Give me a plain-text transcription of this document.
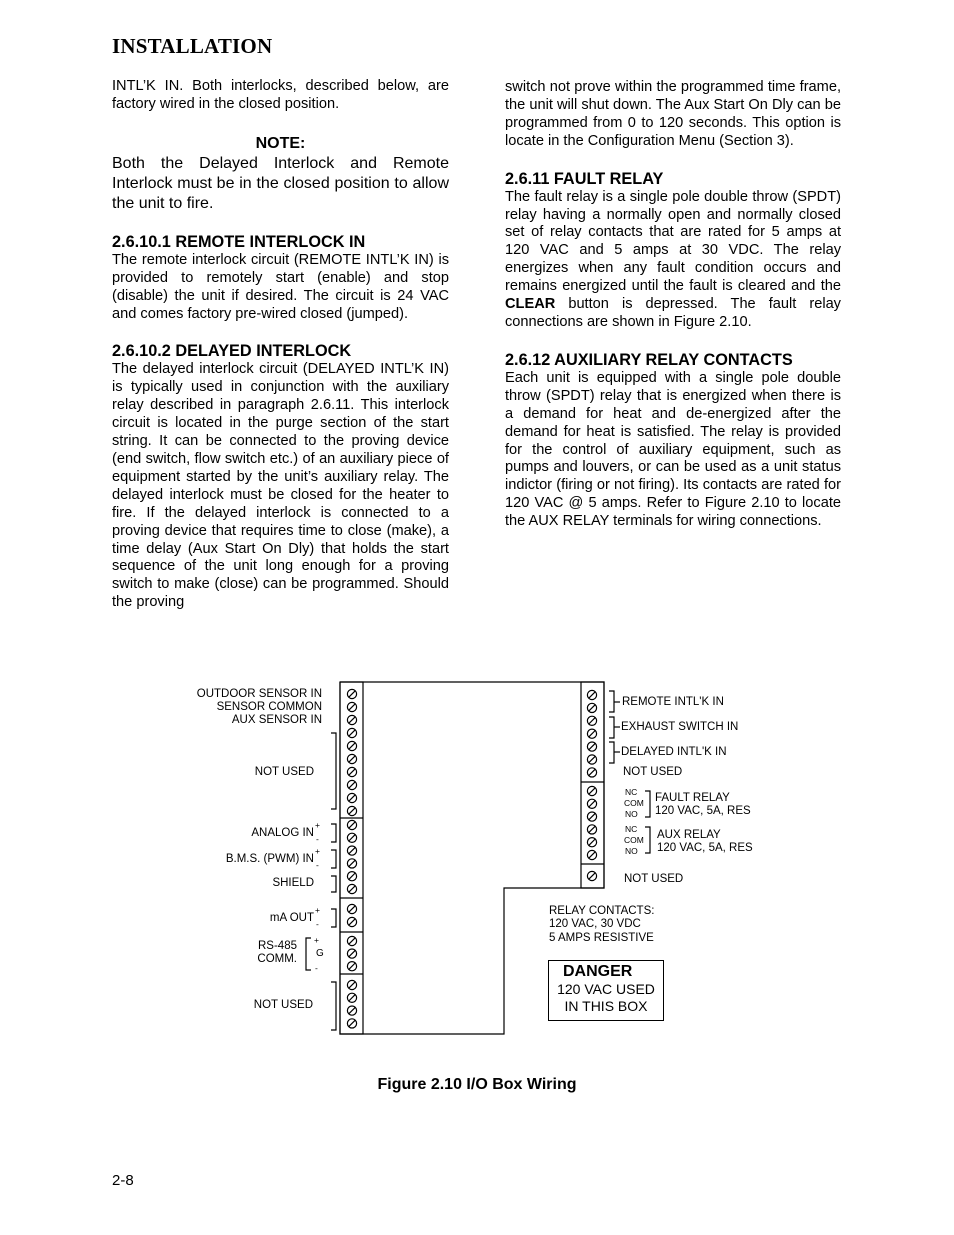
INSTALLATION

INTL’K IN. Both interlocks, described below, are factory wired in the closed position.

NOTE:

Both the Delayed Interlock and Remote Interlock must be in the closed position to allow the unit to fire.

2.6.10.1 REMOTE INTERLOCK IN

The remote interlock circuit (REMOTE INTL’K IN) is provided to remotely start (enable) and stop (disable) the unit if desired. The circuit is 24 VAC and comes factory pre-wired closed (jumped).

2.6.10.2 DELAYED INTERLOCK

The delayed interlock circuit (DELAYED INTL’K IN) is typically used in conjunction with the auxiliary relay described in paragraph 2.6.11. This interlock circuit is located in the purge section of the start string. It can be connected to the proving device (end switch, flow switch etc.) of an auxiliary piece of equipment started by the unit’s auxiliary relay. The delayed interlock must be closed for the heater to fire. If the delayed interlock is connected to a proving device that requires time to close (make), a time delay (Aux Start On Dly) that holds the start sequence of the unit long enough for a proving switch to make (close) can be programmed. Should the proving

switch not prove within the programmed time frame, the unit will shut down. The Aux Start On Dly can be programmed from 0 to 120 seconds. This option is locate in the Configuration Menu (Section 3).

2.6.11 FAULT RELAY

The fault relay is a single pole double throw (SPDT) relay having a normally open and normally closed set of relay contacts that are rated for 5 amps at 120 VAC and 5 amps at 30 VDC. The relay energizes when any fault condition occurs and remains energized until the fault is cleared and the CLEAR button is depressed. The fault relay connections are shown in Figure 2.10.

2.6.12 AUXILIARY RELAY CONTACTS

Each unit is equipped with a single pole double throw (SPDT) relay that is energized when there is a demand for heat and de-energized after the demand for heat is satisfied. The relay is provided for the control of auxiliary equipment, such as pumps and louvers, or can be used as a unit status indictor (firing or not firing). Its contacts are rated for 120 VAC @ 5 amps. Refer to Figure 2.10 to locate the AUX RELAY terminals for wiring connections.

OUTDOOR SENSOR IN
SENSOR COMMON
AUX SENSOR IN
NOT USED
ANALOG IN
+
-
B.M.S. (PWM) IN
+
-
SHIELD
mA OUT
+
-
RS-485
COMM.
+
G
-
NOT USED
REMOTE INTL'K IN
EXHAUST SWITCH IN
DELAYED INTL'K IN
NOT USED
NC
COM
NO
FAULT RELAY
120 VAC, 5A, RES
NC
COM
NO
AUX RELAY
120 VAC, 5A, RES
NOT USED
RELAY CONTACTS:
120 VAC, 30 VDC
5 AMPS RESISTIVE
DANGER
120 VAC USED
IN THIS BOX
Figure 2.10 I/O Box Wiring
2-8
